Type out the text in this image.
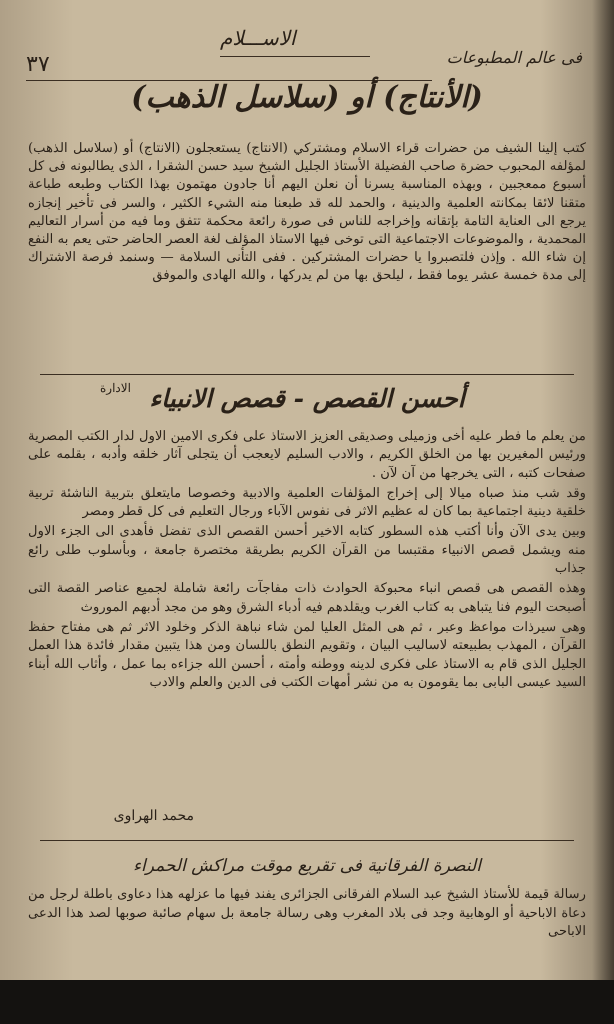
٣٧
الاســـلام
فى عالم المطبوعات
(الأنتاج) أو (سلاسل الذهب)

كتب إلينا الشيف من حضرات قراء الاسلام ومشتركي (الانتاج) يستعجلون (الانتاج) أو (سلاسل الذهب) لمؤلفه المحبوب حضرة صاحب الفضيلة الأستاذ الجليل الشيخ سيد حسن الشقرا ، الذى يطالبونه فى كل أسبوع ممعجبين ، وبهذه المناسبة يسرنا أن نعلن اليهم أنا جادون مهتمون بهذا الكتاب وطبعه طباعة متقنا لائقا بمكانته العلمية والدينية ، والحمد لله قد طبعنا منه الشيء الكثير ، والسر فى تأخير إنجازه يرجع الى العناية التامة بإتقانه وإخراجه للناس فى صورة رائعة محكمة تتفق وما فيه من أسرار التعاليم المحمدية ، والموضوعات الاجتماعية التى توخى فيها الاستاذ المؤلف لغة العصر الحاضر حتى يعم به النفع إن شاء الله . وإذن فلتصبروا يا حضرات المشتركين . ففى التأنى السلامة — وسنمد فرصة الاشتراك إلى مدة خمسة عشر يوما فقط ، ليلحق بها من لم يدركها ، والله الهادى والموفق

الادارة أحسن القصص - قصص الانبياء

من يعلم ما فطر عليه أخى وزميلى وصديقى العزيز الاستاذ على فكرى الامين الاول لدار الكتب المصرية ورئيس المغيرين بها من الخلق الكريم ، والادب السليم لايعجب أن يتجلى آثار خلقه وأدبه ، بقلمه على صفحات كتبه ، التى يخرجها من آن لآن .

وقد شب منذ صباه ميالا إلى إخراج المؤلفات العلمية والادبية وخصوصا مايتعلق بتربية الناشئة تربية خلقية دينية اجتماعية بما كان له عظيم الاثر فى نفوس الآباء ورجال التعليم فى كل قطر ومصر

وبين يدى الآن وأنا أكتب هذه السطور كتابه الاخير أحسن القصص الذى تفضل فأهدى الى الجزء الاول منه ويشمل قصص الانبياء مقتبسا من القرآن الكريم بطريقة مختصرة جامعة ، وبأسلوب طلى رائع جذاب

وهذه القصص هى قصص انباء محبوكة الحوادث ذات مفاجآت رائعة شاملة لجميع عناصر القصة التى أصبحت اليوم فنا يتباهى به كتاب الغرب ويقلدهم فيه أدباء الشرق وهو من مجد أدبهم الموروث

وهى سيرذات مواعظ وعبر ، ثم هى المثل العليا لمن شاء نباهة الذكر وخلود الاثر ثم هى مفتاح حفظ القرآن ، المهذب بطبيعته لاساليب البيان ، وتقويم النطق باللسان ومن هذا يتبين مقدار فائدة هذا العمل الجليل الذى قام به الاستاذ على فكرى لدينه ووطنه وأمته ، أحسن الله جزاءه بما عمل ، وأثاب الله أبناء السيد عيسى البابى بما يقومون به من نشر أمهات الكتب فى الدين والعلم والادب

محمد الهراوى
النصرة الفرقانية فى تقريع موقت مراكش الحمراء

رسالة قيمة للأستاذ الشيخ عبد السلام الفرقانى الجزائرى يفند فيها ما عزلهه هذا دعاوى باطلة لرجل من دعاة الاباحية أو الوهابية وجد فى بلاد المغرب وهى رسالة جامعة بل سهام صائبة صوبها لصد هذا الدعى الاباحى
